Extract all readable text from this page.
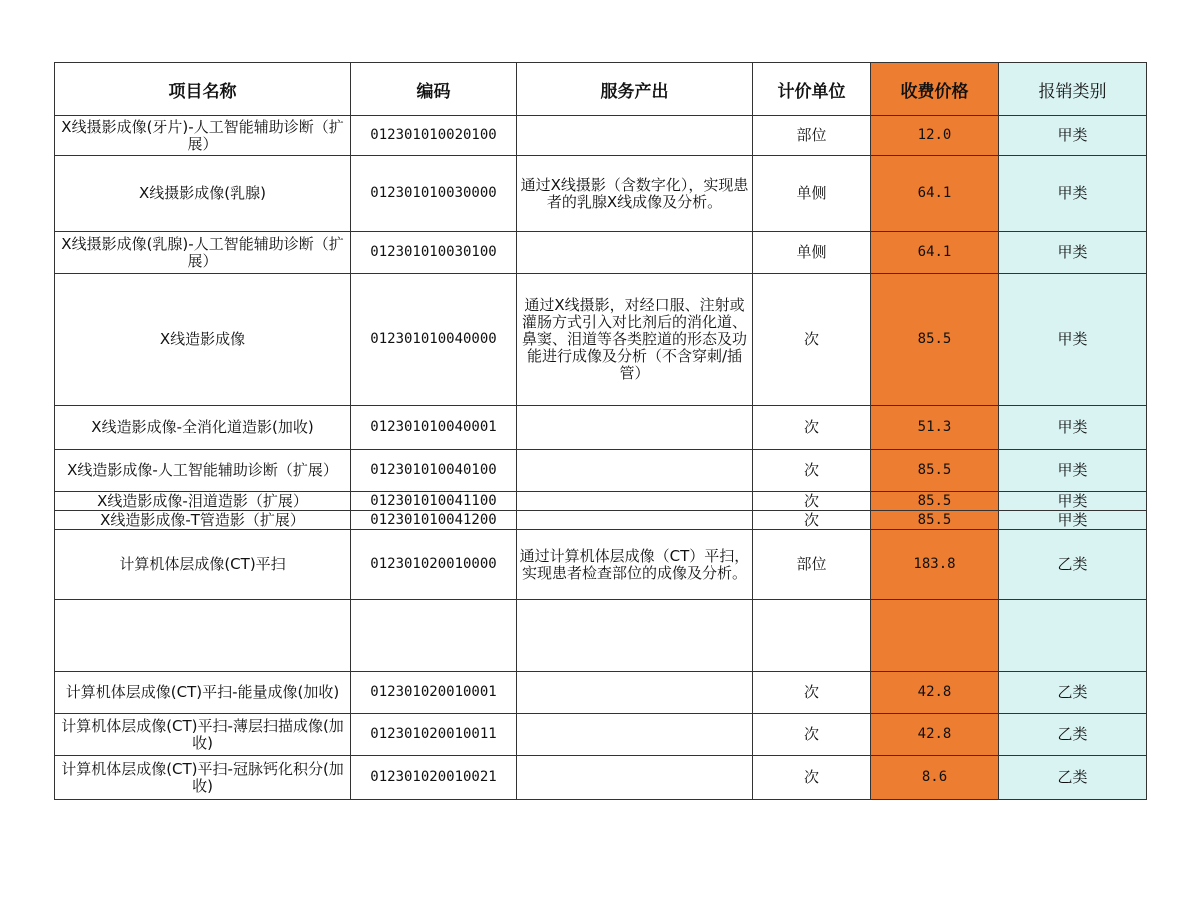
项目名称	编码	服务产出	计价单位	收费价格	报销类别
X线摄影成像(牙片)-人工智能辅助诊断（扩展）	012301010020100		部位	12.0	甲类
X线摄影成像(乳腺)	012301010030000	通过X线摄影（含数字化），实现患者的乳腺X线成像及分析。	单侧	64.1	甲类
X线摄影成像(乳腺)-人工智能辅助诊断（扩展）	012301010030100		单侧	64.1	甲类
X线造影成像	012301010040000	通过X线摄影，对经口服、注射或灌肠方式引入对比剂后的消化道、鼻窦、泪道等各类腔道的形态及功能进行成像及分析（不含穿刺/插管）	次	85.5	甲类
X线造影成像-全消化道造影(加收)	012301010040001		次	51.3	甲类
X线造影成像-人工智能辅助诊断（扩展）	012301010040100		次	85.5	甲类
X线造影成像-泪道造影（扩展）	012301010041100		次	85.5	甲类
X线造影成像-T管造影（扩展）	012301010041200		次	85.5	甲类
计算机体层成像(CT)平扫	012301020010000	通过计算机体层成像（CT）平扫，实现患者检查部位的成像及分析。	部位	183.8	乙类

计算机体层成像(CT)平扫-能量成像(加收)	012301020010001		次	42.8	乙类
计算机体层成像(CT)平扫-薄层扫描成像(加收)	012301020010011		次	42.8	乙类
计算机体层成像(CT)平扫-冠脉钙化积分(加收)	012301020010021		次	8.6	乙类
